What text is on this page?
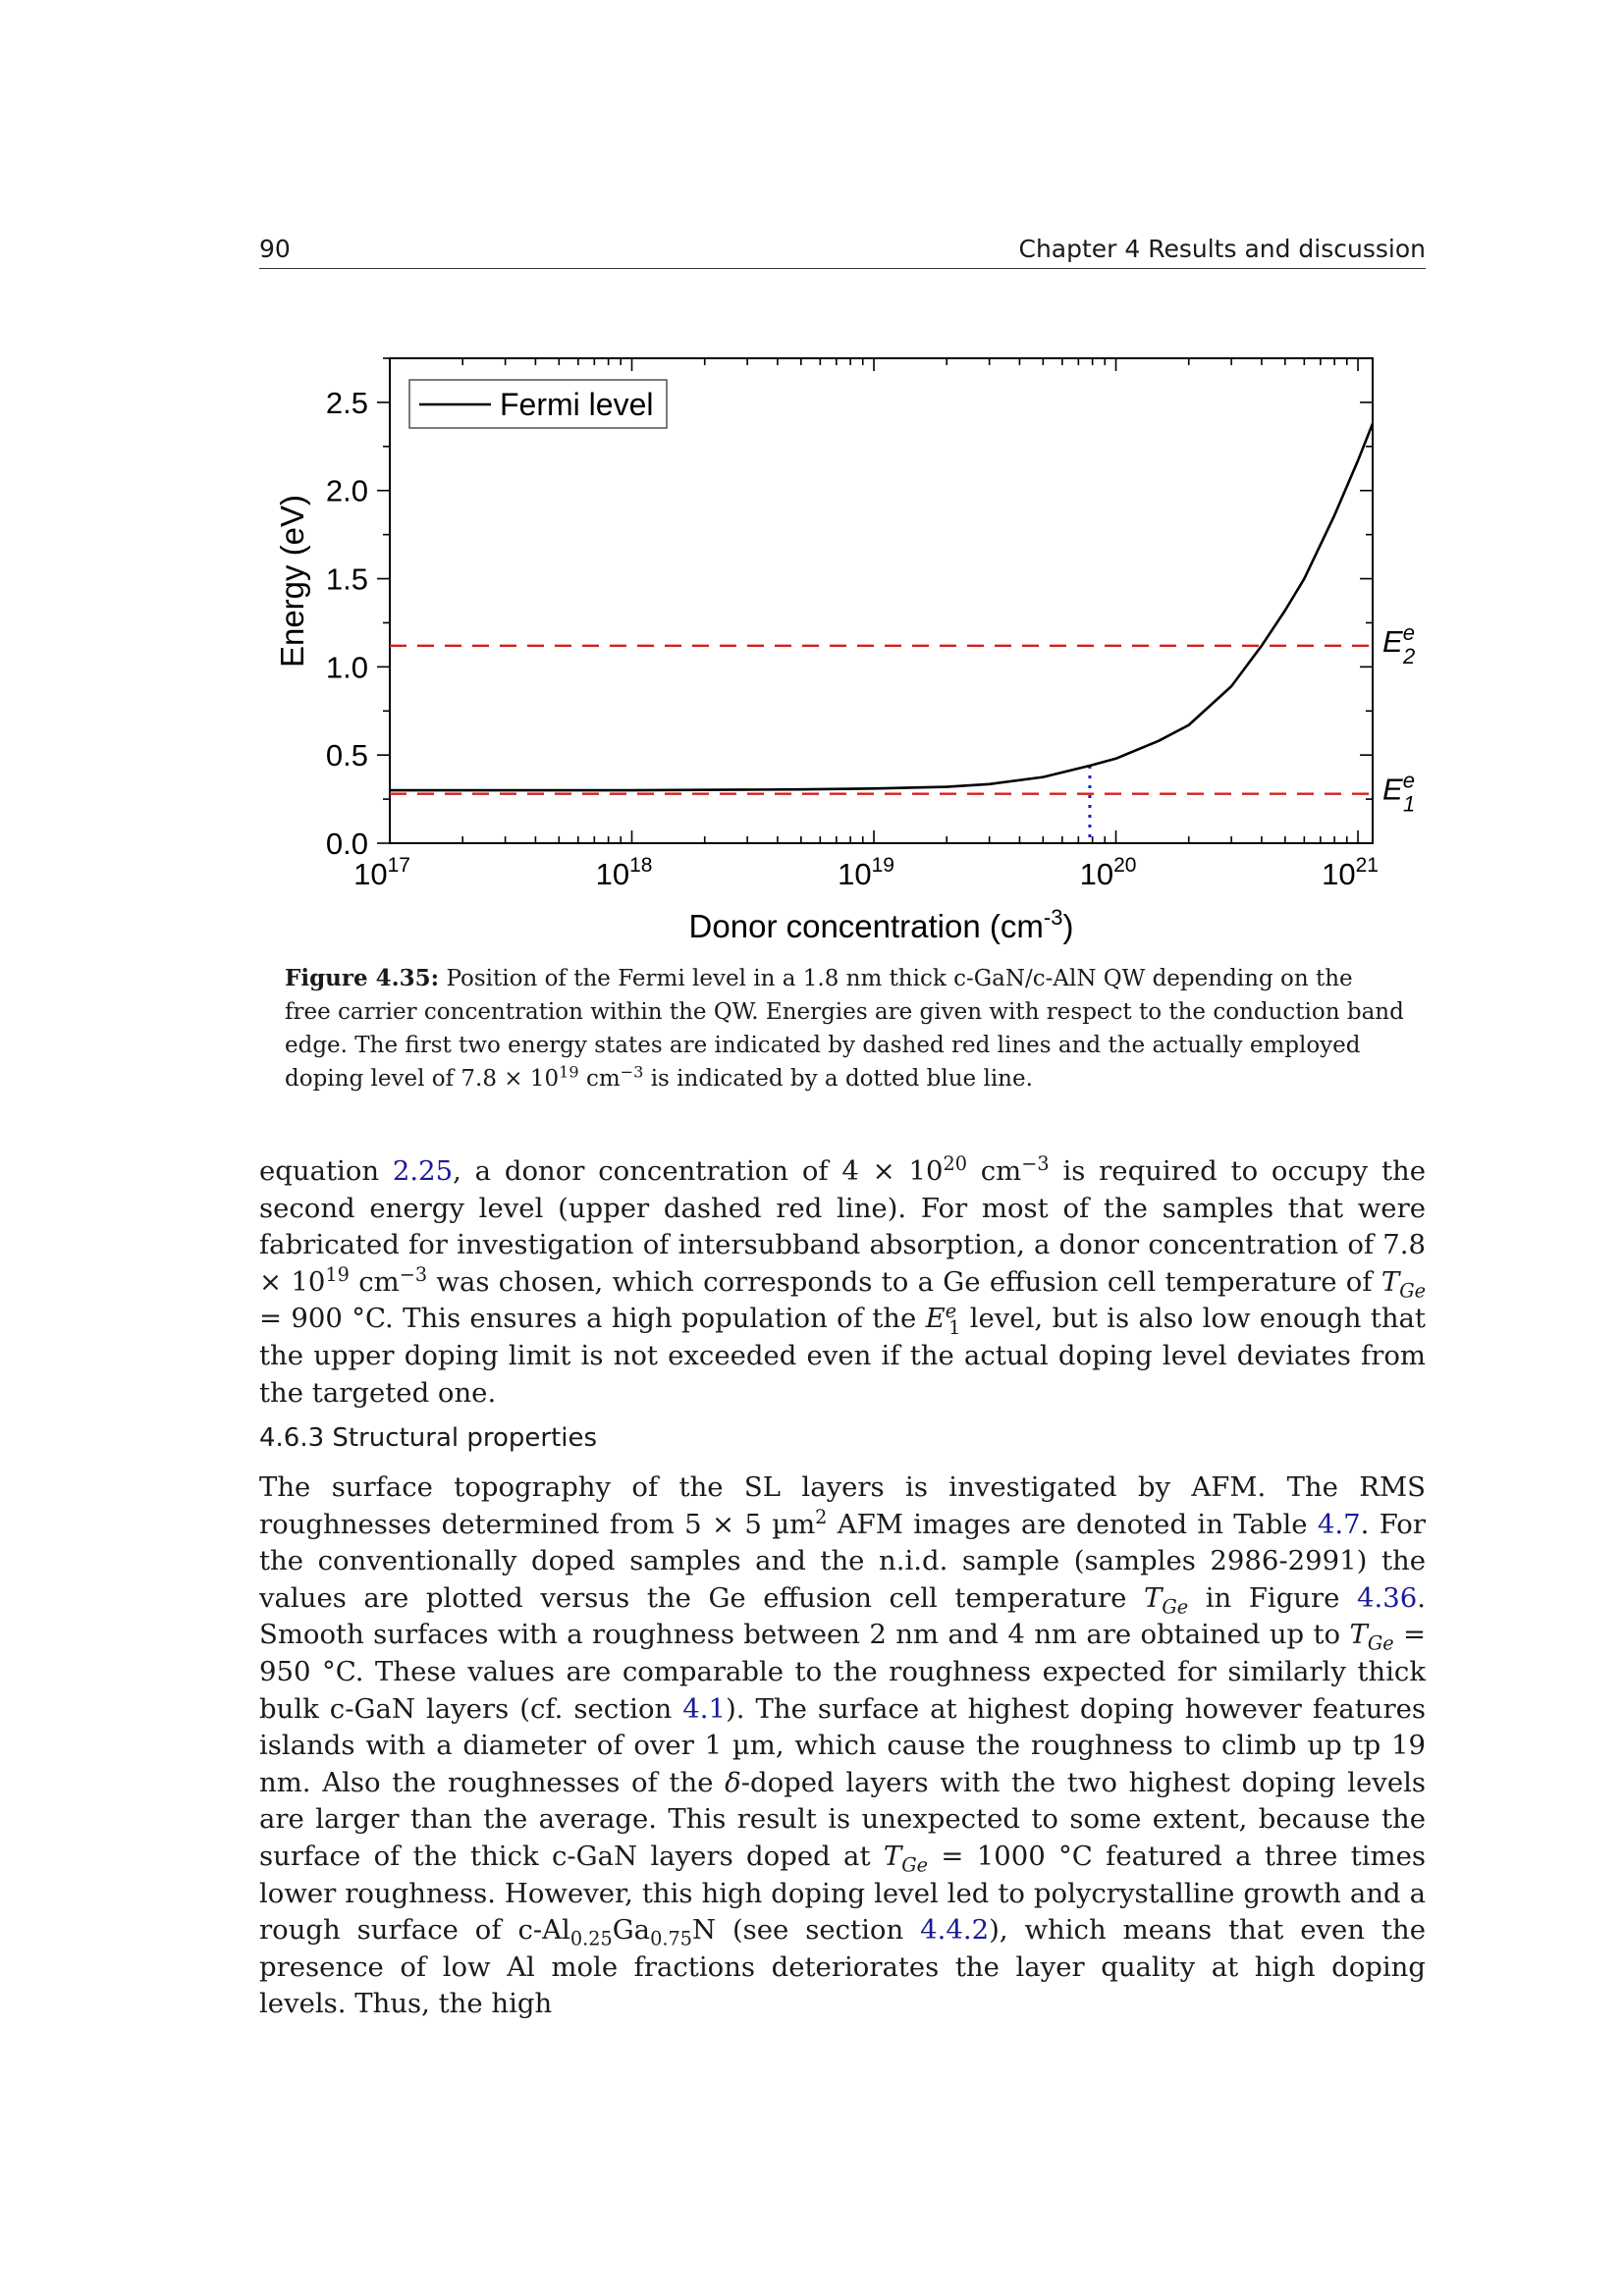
90	Chapter 4 Results and discussion
0.0
0.5
1.0
1.5
2.0
2.5
$10^{17}$	$10^{18}$	$10^{19}$	$10^{20}$	$10^{21}$
Donor concentration $(cm^{-3})$
Energy (eV)
$E^e$ 1
$E^e$ 2
Fermi level
Figure 4.35: Position of the Fermi level in a 1.8 nm thick c-GaN/c-AlN QW depending on the free carrier concentration within the QW. Energies are given with respect to the conduction band edge. The first two energy states are indicated by dashed red lines and the actually employed doping level of $7.8 \times 10^{19}$ $cm^{-3}$ is indicated by a dotted blue line.
equation 2.25, a donor concentration of $4 \times 10^{20}$ $cm^{-3}$ is required to occupy the second energy level (upper dashed red line). For most of the samples that were fabricated for investigation of intersubband absorption, a donor concentration of $7.8 \times 10^{19}$ $cm^{-3}$ was chosen, which corresponds to a Ge effusion cell temperature of $T_{Ge} = 900$ °C. This ensures a high population of the $E^e_1$ level, but is also low enough that the upper doping limit is not exceeded even if the actual doping level deviates from the targeted one.
4.6.3 Structural properties
The surface topography of the SL layers is investigated by AFM. The RMS roughnesses determined from 5 × 5 µm$^2$ AFM images are denoted in Table 4.7. For the conventionally doped samples and the n.i.d. sample (samples 2986-2991) the values are plotted versus the Ge effusion cell temperature $T_{Ge}$ in Figure 4.36. Smooth surfaces with a roughness between 2 nm and 4 nm are obtained up to $T_{Ge} = 950$ °C. These values are comparable to the roughness expected for similarly thick bulk c-GaN layers (cf. section 4.1). The surface at highest doping however features islands with a diameter of over 1 µm, which cause the roughness to climb up tp 19 nm. Also the roughnesses of the δ-doped layers with the two highest doping levels are larger than the average. This result is unexpected to some extent, because the surface of the thick c-GaN layers doped at $T_{Ge} = 1000$ °C featured a three times lower roughness. However, this high doping level led to polycrystalline growth and a rough surface of $c-Al_{0.25}Ga_{0.75}N$ (see section 4.4.2), which means that even the presence of low Al mole fractions deteriorates the layer quality at high doping levels. Thus, the high
